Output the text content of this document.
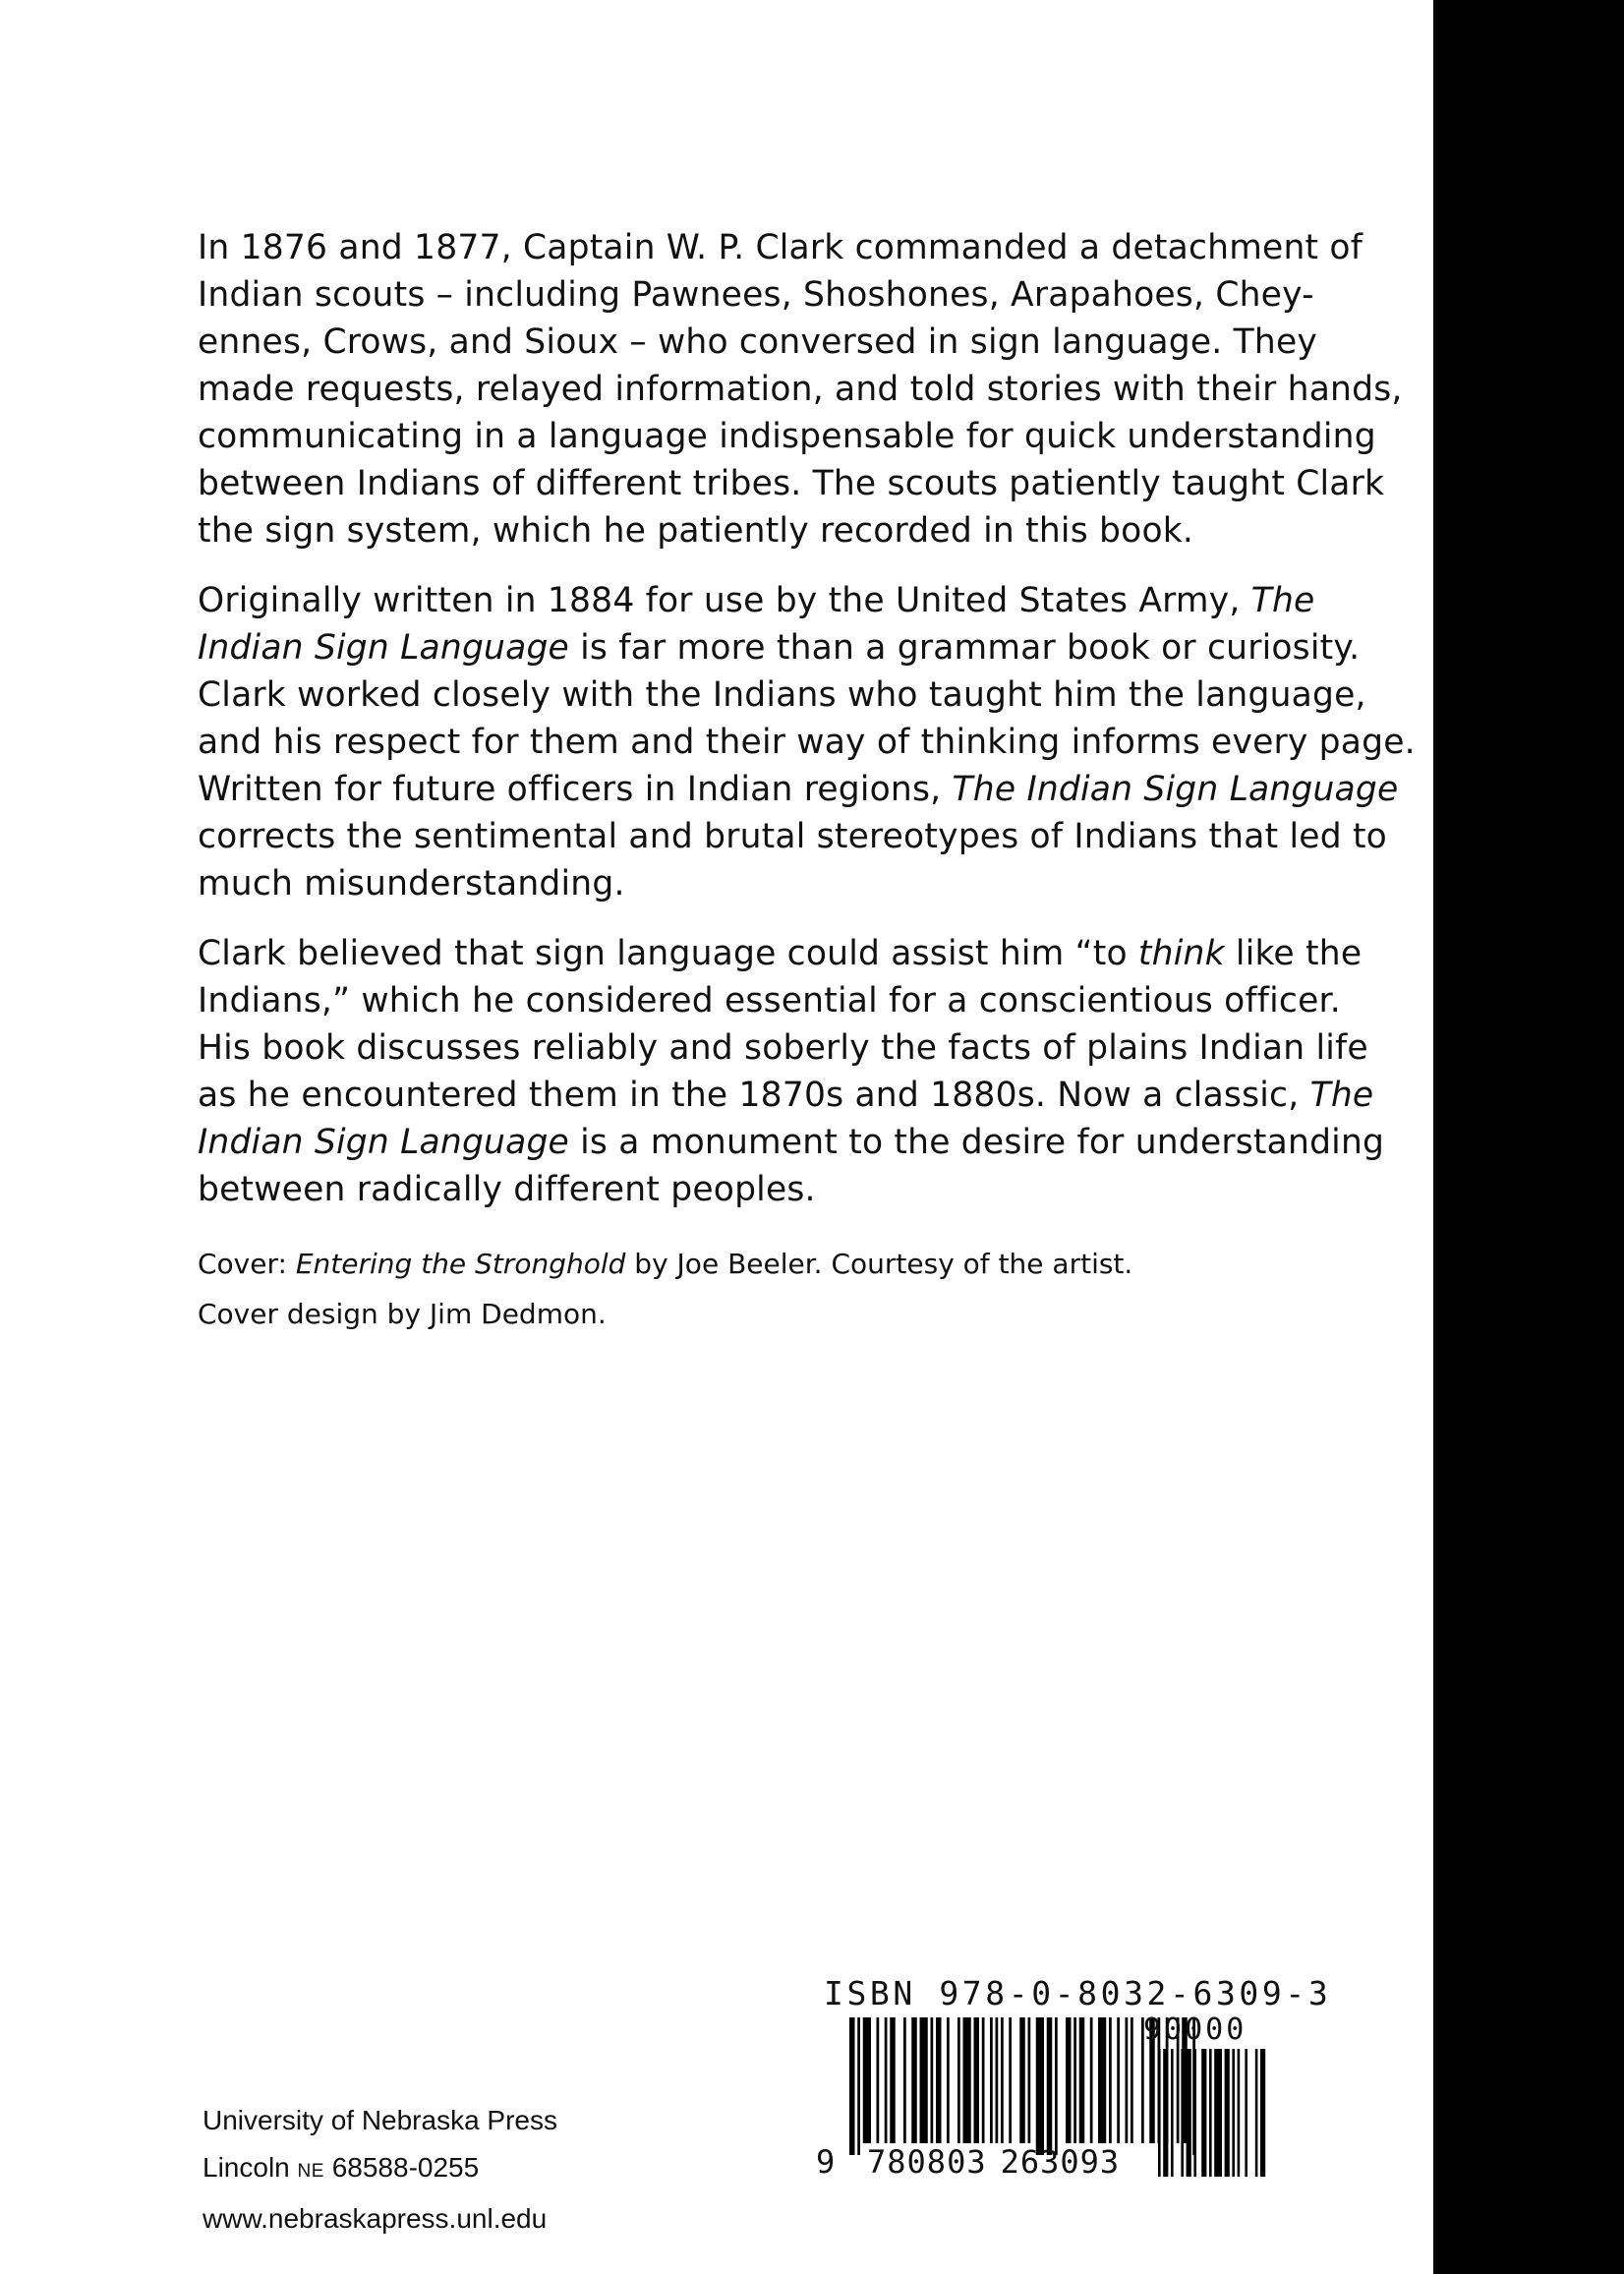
In 1876 and 1877, Captain W. P. Clark commanded a detachment of
Indian scouts – including Pawnees, Shoshones, Arapahoes, Chey-
ennes, Crows, and Sioux – who conversed in sign language. They
made requests, relayed information, and told stories with their hands,
communicating in a language indispensable for quick understanding
between Indians of different tribes. The scouts patiently taught Clark
the sign system, which he patiently recorded in this book.

Originally written in 1884 for use by the United States Army, The
Indian Sign Language is far more than a grammar book or curiosity.
Clark worked closely with the Indians who taught him the language,
and his respect for them and their way of thinking informs every page.
Written for future officers in Indian regions, The Indian Sign Language
corrects the sentimental and brutal stereotypes of Indians that led to
much misunderstanding.

Clark believed that sign language could assist him “to think like the
Indians,” which he considered essential for a conscientious officer.
His book discusses reliably and soberly the facts of plains Indian life
as he encountered them in the 1870s and 1880s. Now a classic, The
Indian Sign Language is a monument to the desire for understanding
between radically different peoples.

Cover: Entering the Stronghold by Joe Beeler. Courtesy of the artist.
Cover design by Jim Dedmon.
University of Nebraska Press
Lincoln NE 68588-0255
www.nebraskapress.unl.edu
ISBN 978-0-8032-6309-3
90000
9 780803 263093
